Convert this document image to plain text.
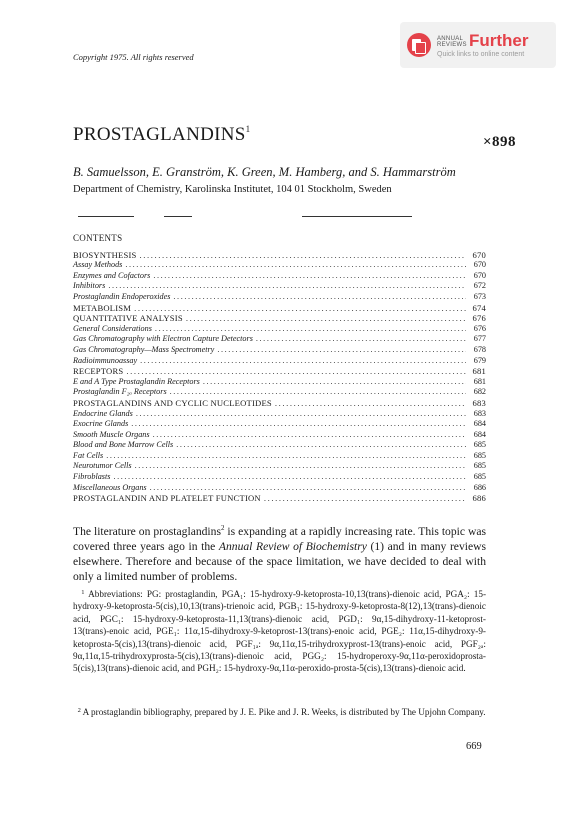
Copyright 1975. All rights reserved
ANNUAL
REVIEWS Further
Quick links to online content
$PROSTAGLANDINS^1$
×898
B. Samuelsson, E. Granström, K. Green, M. Hamberg, and S. Hammarström
Department of Chemistry, Karolinska Institutet, 104 01 Stockholm, Sweden
CONTENTS
BIOSYNTHESIS .....	670
Assay Methods .....	670
Enzymes and Cofactors .....	670
Inhibitors .....	672
Prostaglandin Endoperoxides .....	673
METABOLISM .....	674
QUANTITATIVE ANALYSIS .....	676
General Considerations .....	676
Gas Chromatography with Electron Capture Detectors .....	677
Gas Chromatography—Mass Spectrometry .....	678
Radioimmunoassay .....	679
RECEPTORS .....	681
E and A Type Prostaglandin Receptors .....	681
Prostaglandin F₂ₐ Receptors .....	682
PROSTAGLANDINS AND CYCLIC NUCLEOTIDES .....	683
Endocrine Glands .....	683
Exocrine Glands .....	684
Smooth Muscle Organs .....	684
Blood and Bone Marrow Cells .....	685
Fat Cells .....	685
Neurotumor Cells .....	685
Fibroblasts .....	685
Miscellaneous Organs .....	686
PROSTAGLANDIN AND PLATELET FUNCTION .....	686
The literature on prostaglandins$^2$ is expanding at a rapidly increasing rate. This topic was covered three years ago in the Annual Review of Biochemistry (1) and in many reviews elsewhere. Therefore and because of the space limitation, we have decided to deal with only a limited number of problems.
$^1$ Abbreviations: PG: prostaglandin, PGA₁: 15-hydroxy-9-ketoprosta-10,13(trans)-dienoic acid, PGA₂: 15-hydroxy-9-ketoprosta-5(cis),10,13(trans)-trienoic acid, PGB₁: 15-hydroxy-9-ketoprosta-8(12),13(trans)-dienoic acid, PGC₁: 15-hydroxy-9-ketoprosta-11,13(trans)-dienoic acid, PGD₁: 9α,15-dihydroxy-11-ketoprost-13(trans)-enoic acid, PGE₁: 11α,15-dihydroxy-9-ketoprost-13(trans)-enoic acid, PGE₂: 11α,15-dihydroxy-9-ketoprosta-5(cis),13(trans)-dienoic acid, PGF₁ₐ: 9α,11α,15-trihydroxyprost-13(trans)-enoic acid, PGF₂ₐ: 9α,11α,15-trihydroxyprosta-5(cis),13(trans)-dienoic acid, PGG₂: 15-hydroperoxy-9α,11α-peroxidoprosta-5(cis),13(trans)-dienoic acid, and PGH₂: 15-hydroxy-9α,11α-peroxido-prosta-5(cis),13(trans)-dienoic acid.
$^2$ A prostaglandin bibliography, prepared by J. E. Pike and J. R. Weeks, is distributed by The Upjohn Company.
669
